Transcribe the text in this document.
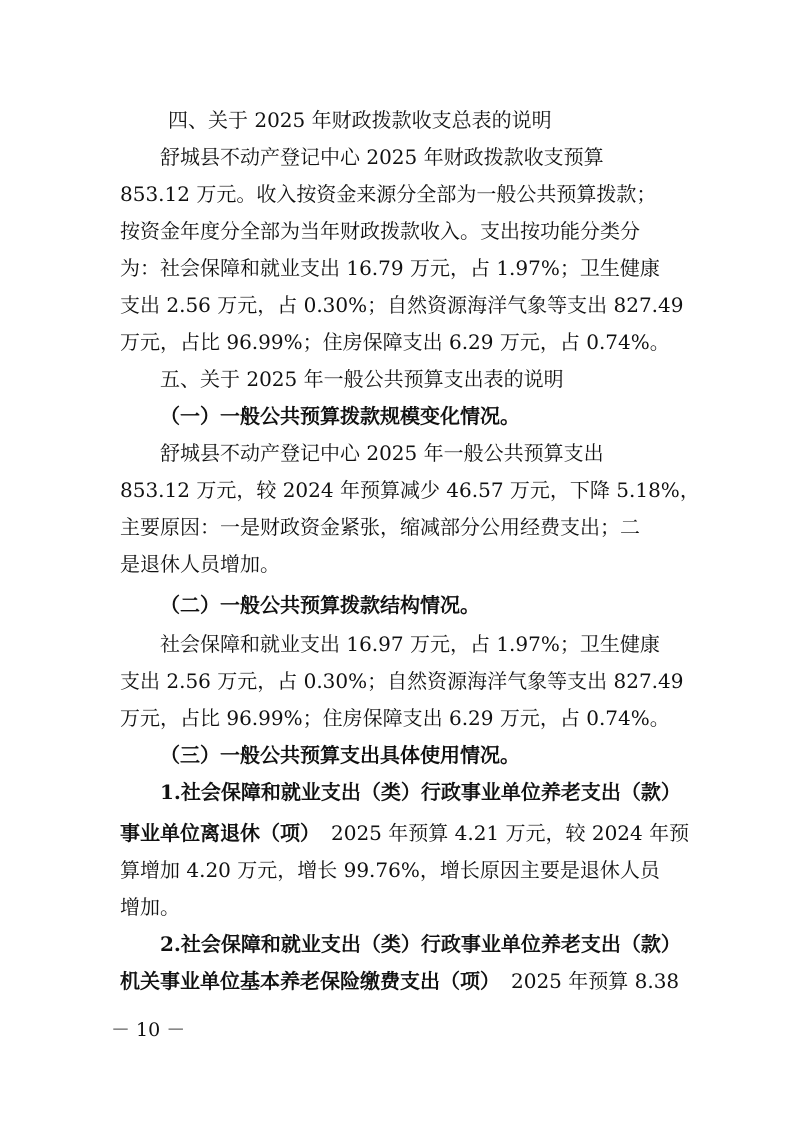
四、关于 2025 年财政拨款收支总表的说明
舒城县不动产登记中心 2025 年财政拨款收支预算
853.12 万元。收入按资金来源分全部为一般公共预算拨款；
按资金年度分全部为当年财政拨款收入。支出按功能分类分
为：社会保障和就业支出 16.79 万元，占 1.97%；卫生健康
支出 2.56 万元，占 0.30%；自然资源海洋气象等支出 827.49
万元，占比 96.99%；住房保障支出 6.29 万元，占 0.74%。
五、关于 2025 年一般公共预算支出表的说明
（一）一般公共预算拨款规模变化情况。
舒城县不动产登记中心 2025 年一般公共预算支出
853.12 万元，较 2024 年预算减少 46.57 万元，下降 5.18%，
主要原因：一是财政资金紧张，缩减部分公用经费支出；二
是退休人员增加。
（二）一般公共预算拨款结构情况。
社会保障和就业支出 16.97 万元，占 1.97%；卫生健康
支出 2.56 万元，占 0.30%；自然资源海洋气象等支出 827.49
万元，占比 96.99%；住房保障支出 6.29 万元，占 0.74%。
（三）一般公共预算支出具体使用情况。
1.社会保障和就业支出（类）行政事业单位养老支出（款）
事业单位离退休（项） 2025 年预算 4.21 万元，较 2024 年预
算增加 4.20 万元，增长 99.76%，增长原因主要是退休人员
增加。
2.社会保障和就业支出（类）行政事业单位养老支出（款）
机关事业单位基本养老保险缴费支出（项） 2025 年预算 8.38
－ 10 －
